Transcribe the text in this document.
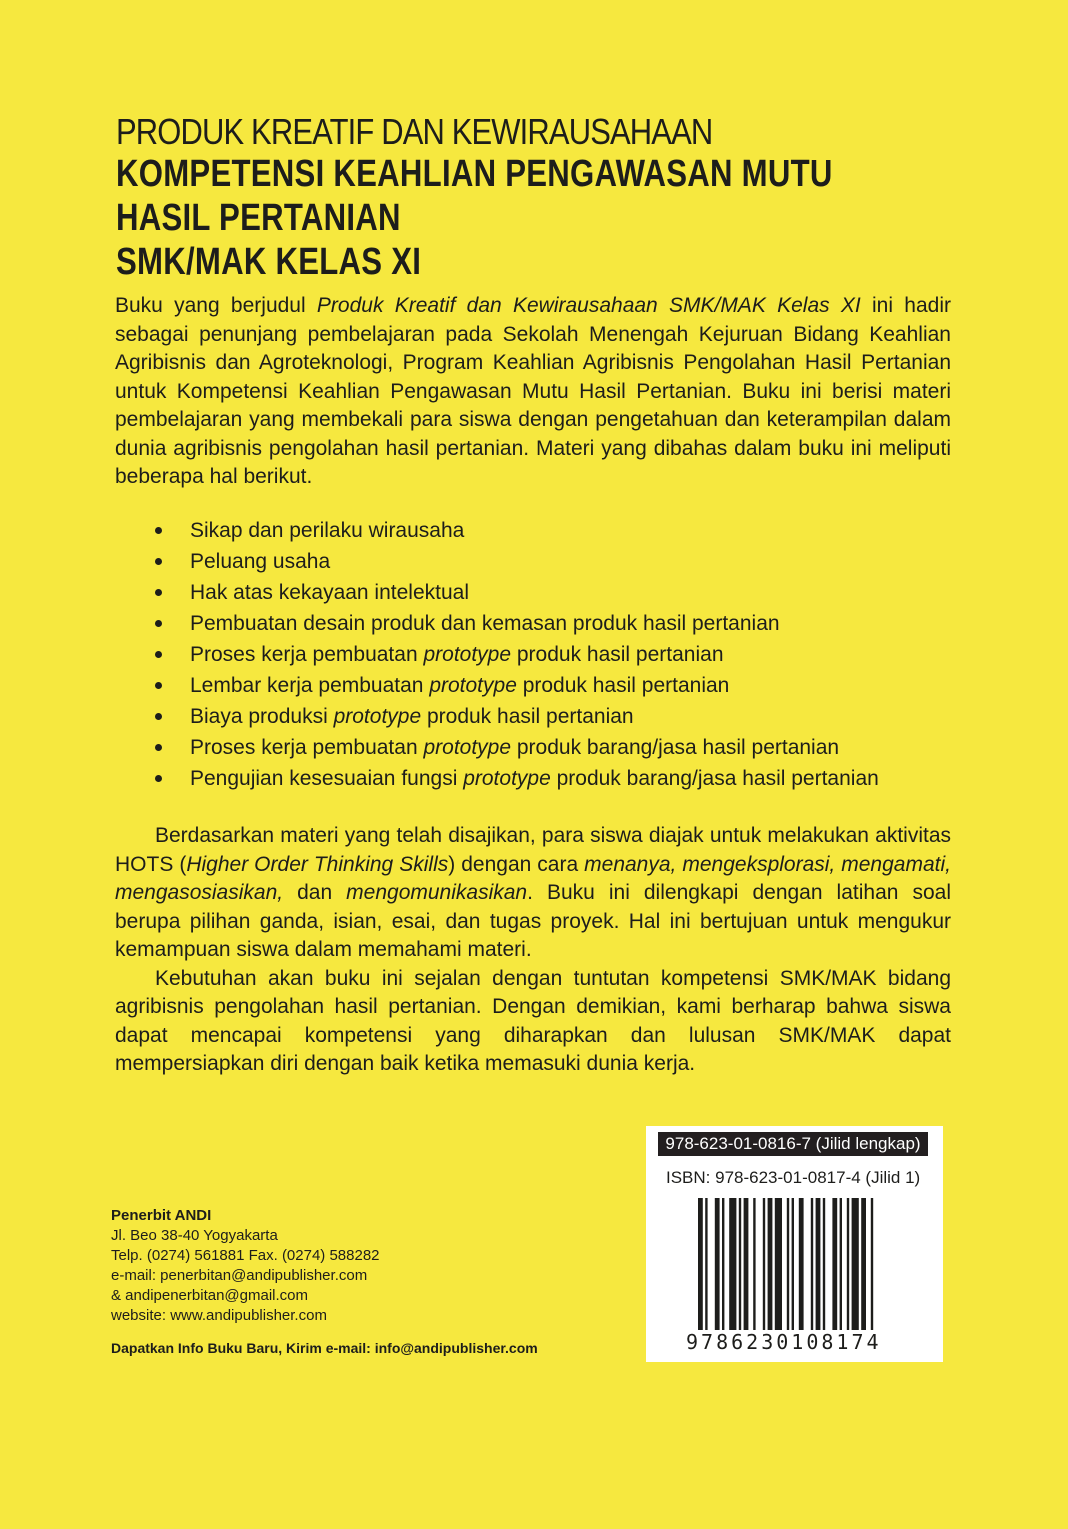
PRODUK KREATIF DAN KEWIRAUSAHAAN
KOMPETENSI KEAHLIAN PENGAWASAN MUTU
HASIL PERTANIAN
SMK/MAK KELAS XI

Buku yang berjudul Produk Kreatif dan Kewirausahaan SMK/MAK Kelas XI ini hadir sebagai penunjang pembelajaran pada Sekolah Menengah Kejuruan Bidang Keahlian Agribisnis dan Agroteknologi, Program Keahlian Agribisnis Pengolahan Hasil Pertanian untuk Kompetensi Keahlian Pengawasan Mutu Hasil Pertanian. Buku ini berisi materi pembelajaran yang membekali para siswa dengan pengetahuan dan keterampilan dalam dunia agribisnis pengolahan hasil pertanian. Materi yang dibahas dalam buku ini meliputi beberapa hal berikut.

Sikap dan perilaku wirausaha
Peluang usaha
Hak atas kekayaan intelektual
Pembuatan desain produk dan kemasan produk hasil pertanian
Proses kerja pembuatan prototype produk hasil pertanian
Lembar kerja pembuatan prototype produk hasil pertanian
Biaya produksi prototype produk hasil pertanian
Proses kerja pembuatan prototype produk barang/jasa hasil pertanian
Pengujian kesesuaian fungsi prototype produk barang/jasa hasil pertanian

Berdasarkan materi yang telah disajikan, para siswa diajak untuk melakukan aktivitas HOTS (Higher Order Thinking Skills) dengan cara menanya, mengeksplorasi, mengamati, mengasosiasikan, dan mengomunikasikan. Buku ini dilengkapi dengan latihan soal berupa pilihan ganda, isian, esai, dan tugas proyek. Hal ini bertujuan untuk mengukur kemampuan siswa dalam memahami materi.

Kebutuhan akan buku ini sejalan dengan tuntutan kompetensi SMK/MAK bidang agribisnis pengolahan hasil pertanian. Dengan demikian, kami berharap bahwa siswa dapat mencapai kompetensi yang diharapkan dan lulusan SMK/MAK dapat mempersiapkan diri dengan baik ketika memasuki dunia kerja.

978-623-01-0816-7 (Jilid lengkap)
ISBN: 978-623-01-0817-4 (Jilid 1)
9786230108174
Penerbit ANDI
Jl. Beo 38-40 Yogyakarta
Telp. (0274) 561881 Fax. (0274) 588282
e-mail: penerbitan@andipublisher.com
& andipenerbitan@gmail.com
website: www.andipublisher.com
Dapatkan Info Buku Baru, Kirim e-mail: info@andipublisher.com
